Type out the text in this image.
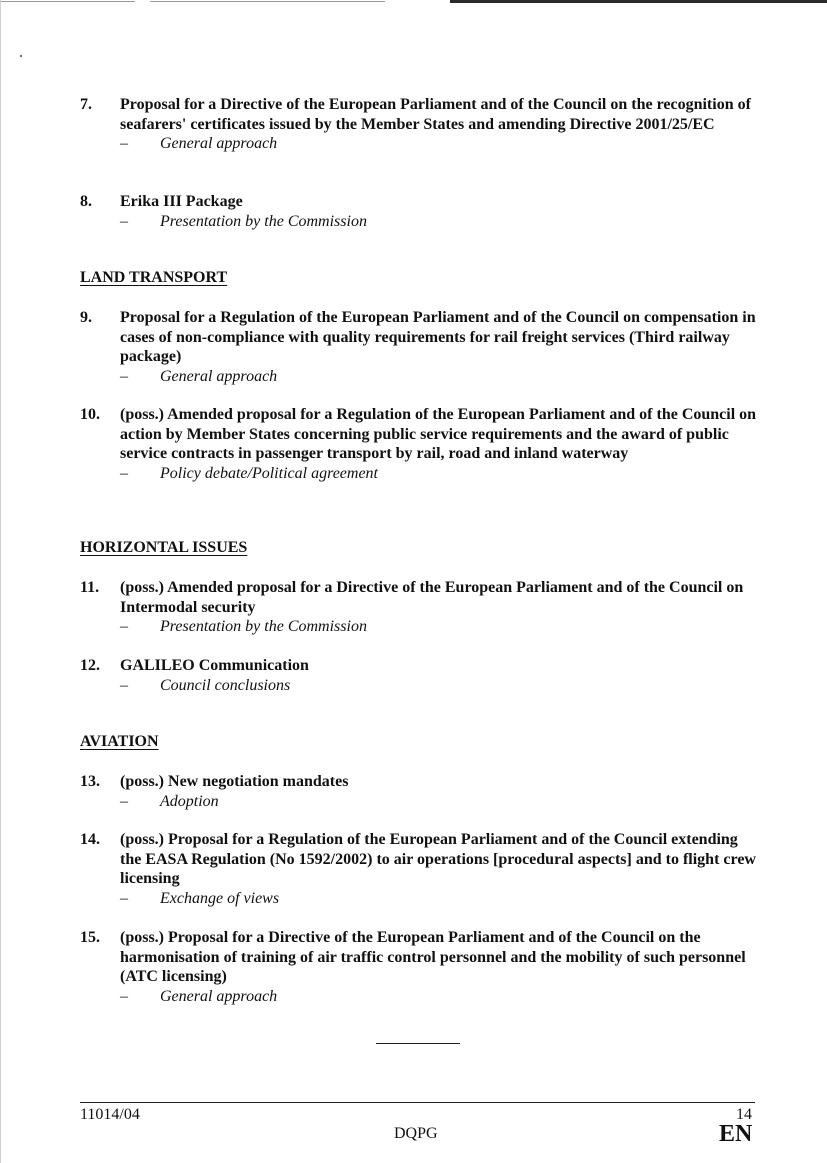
7. Proposal for a Directive of the European Parliament and of the Council on the recognition of seafarers' certificates issued by the Member States and amending Directive 2001/25/EC
– General approach
8. Erika III Package
– Presentation by the Commission
LAND TRANSPORT
9. Proposal for a Regulation of the European Parliament and of the Council on compensation in cases of non-compliance with quality requirements for rail freight services (Third railway package)
– General approach
10. (poss.) Amended proposal for a Regulation of the European Parliament and of the Council on action by Member States concerning public service requirements and the award of public service contracts in passenger transport by rail, road and inland waterway
– Policy debate/Political agreement
HORIZONTAL ISSUES
11. (poss.) Amended proposal for a Directive of the European Parliament and of the Council on Intermodal security
– Presentation by the Commission
12. GALILEO Communication
– Council conclusions
AVIATION
13. (poss.) New negotiation mandates
– Adoption
14. (poss.) Proposal for a Regulation of the European Parliament and of the Council extending the EASA Regulation (No 1592/2002) to air operations [procedural aspects] and to flight crew licensing
– Exchange of views
15. (poss.) Proposal for a Directive of the European Parliament and of the Council on the harmonisation of training of air traffic control personnel and the mobility of such personnel (ATC licensing)
– General approach
11014/04	14
DQPG	EN
